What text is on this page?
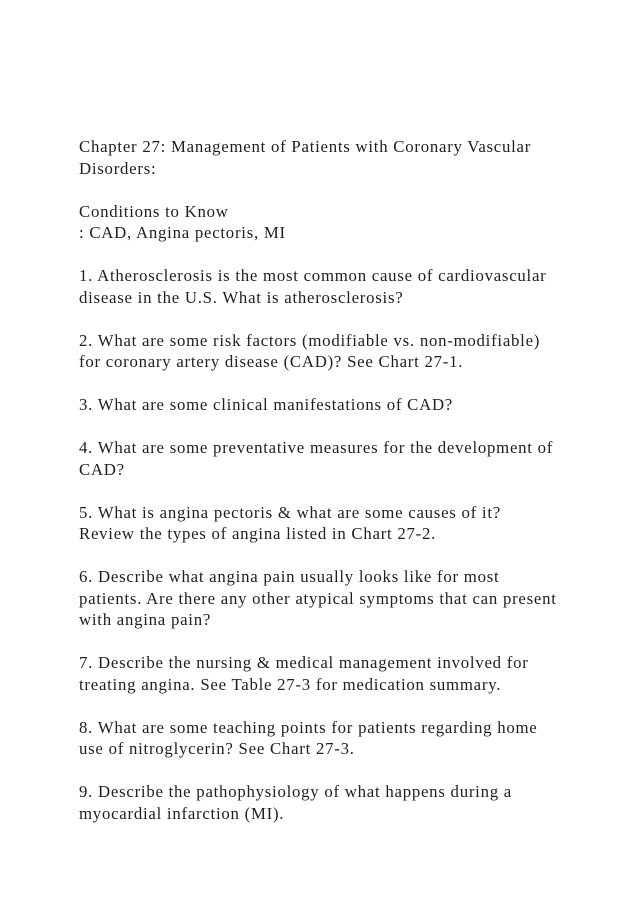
Chapter 27: Management of Patients with Coronary Vascular
Disorders:
Conditions to Know
: CAD, Angina pectoris, MI
1. Atherosclerosis is the most common cause of cardiovascular
disease in the U.S. What is atherosclerosis?
2. What are some risk factors (modifiable vs. non-modifiable)
for coronary artery disease (CAD)? See Chart 27-1.
3. What are some clinical manifestations of CAD?
4. What are some preventative measures for the development of
CAD?
5. What is angina pectoris & what are some causes of it?
Review the types of angina listed in Chart 27-2.
6. Describe what angina pain usually looks like for most
patients. Are there any other atypical symptoms that can present
with angina pain?
7. Describe the nursing & medical management involved for
treating angina. See Table 27-3 for medication summary.
8. What are some teaching points for patients regarding home
use of nitroglycerin? See Chart 27-3.
9. Describe the pathophysiology of what happens during a
myocardial infarction (MI).
